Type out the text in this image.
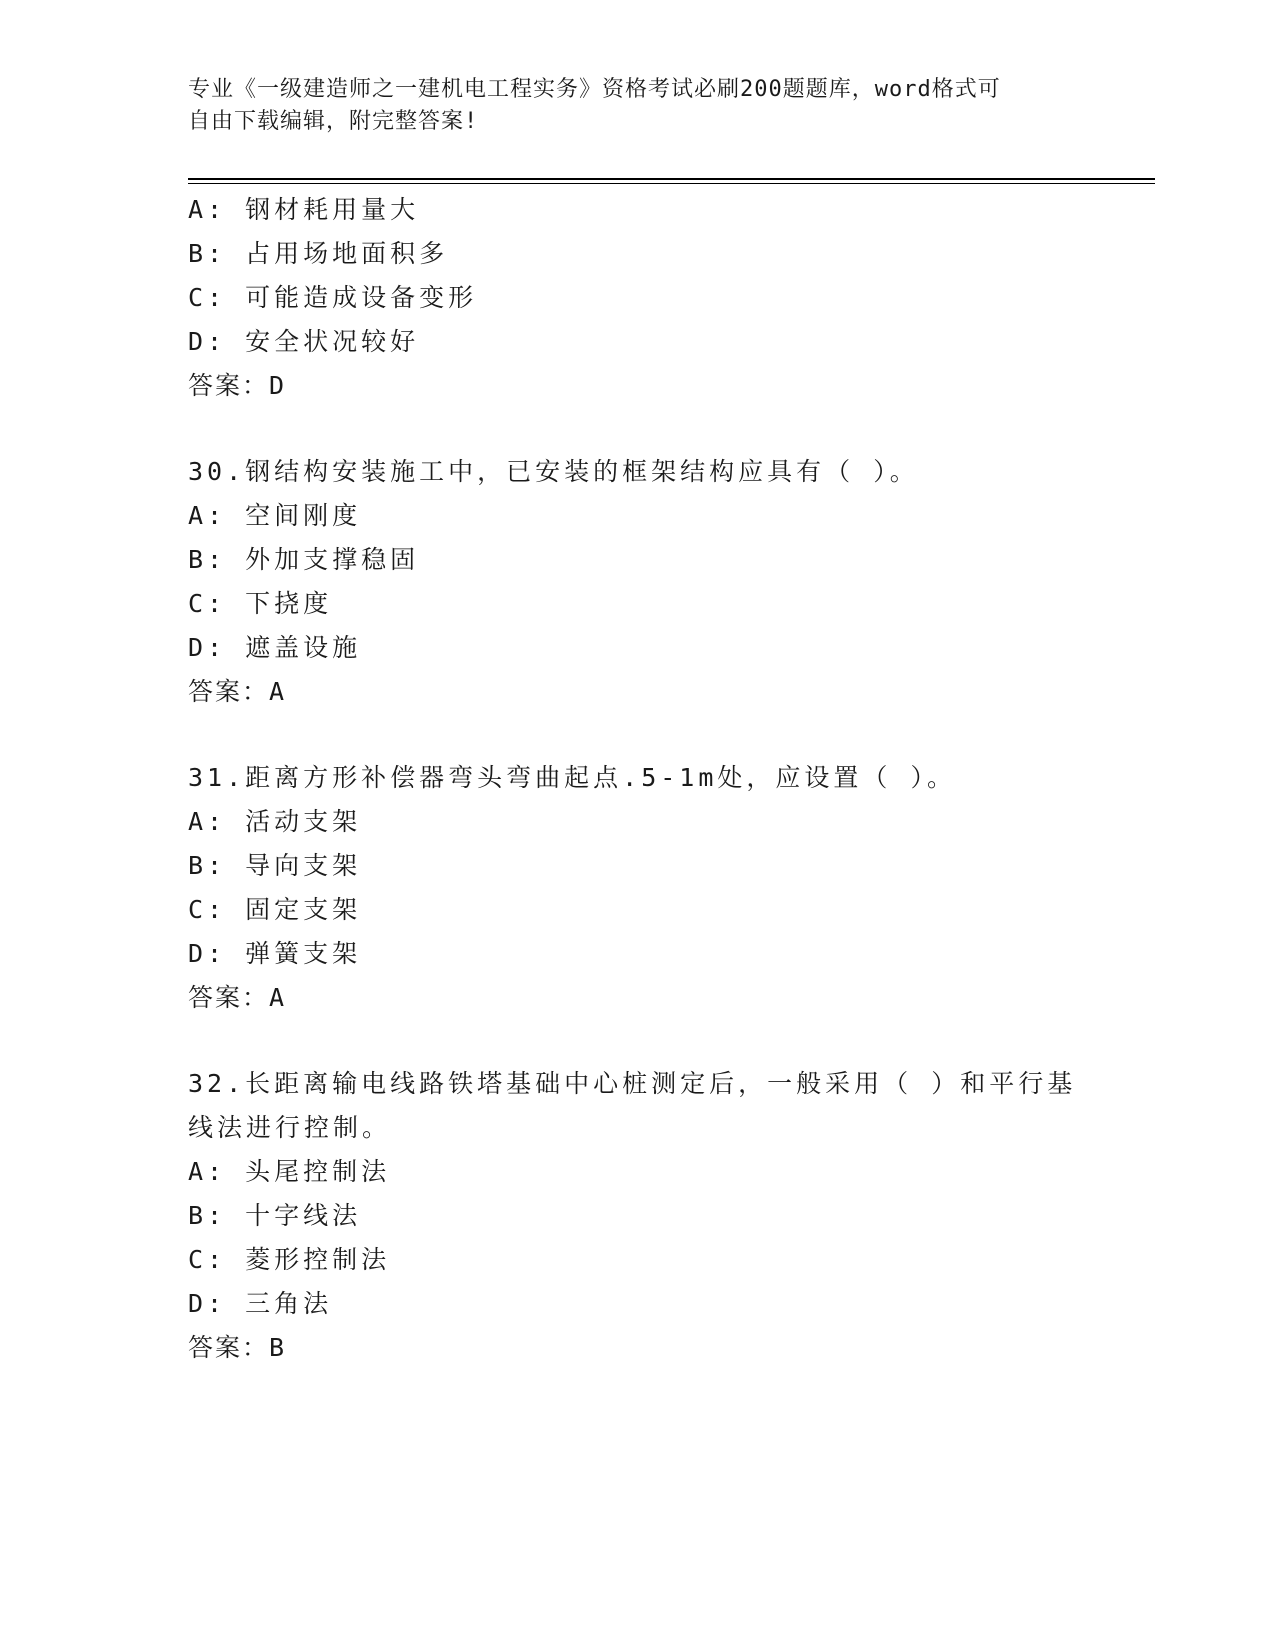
专业《一级建造师之一建机电工程实务》资格考试必刷200题题库，word格式可
自由下载编辑，附完整答案!
A: 钢材耗用量大
B: 占用场地面积多
C: 可能造成设备变形
D: 安全状况较好
答案：D
30.钢结构安装施工中，已安装的框架结构应具有（ ）。
A: 空间刚度
B: 外加支撑稳固
C: 下挠度
D: 遮盖设施
答案：A
31.距离方形补偿器弯头弯曲起点.5-1m处，应设置（ ）。
A: 活动支架
B: 导向支架
C: 固定支架
D: 弹簧支架
答案：A
32.长距离输电线路铁塔基础中心桩测定后，一般采用（ ）和平行基
线法进行控制。
A: 头尾控制法
B: 十字线法
C: 菱形控制法
D: 三角法
答案：B
